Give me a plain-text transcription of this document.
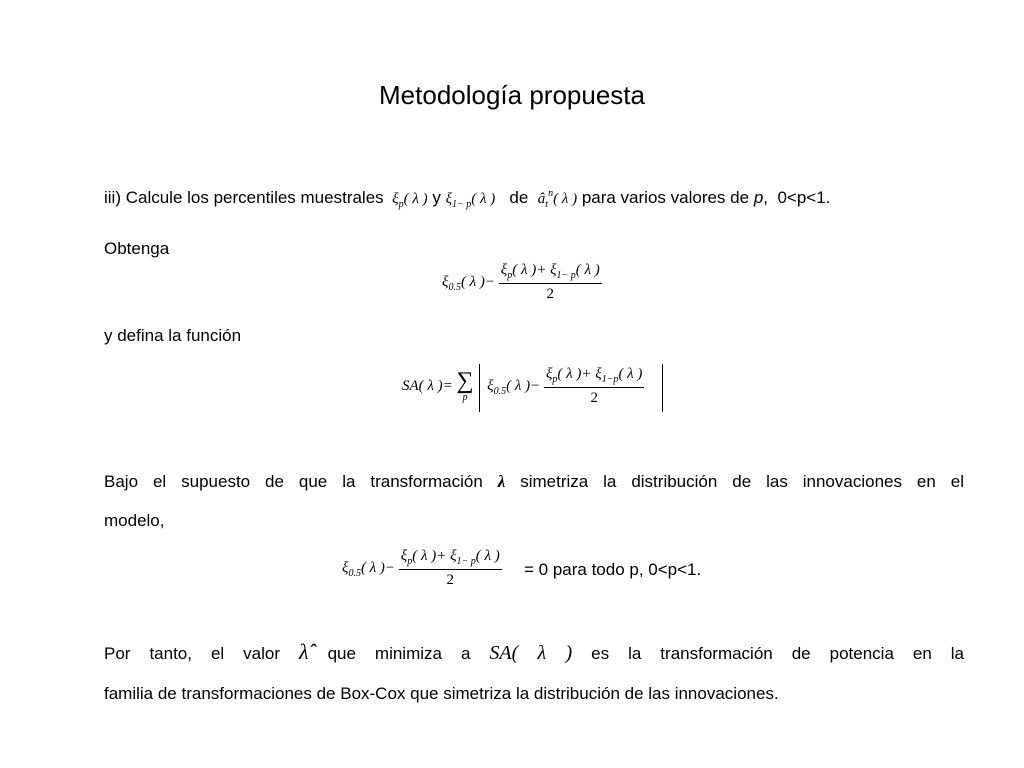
Metodología propuesta
iii) Calcule los percentiles muestrales  $\xi_p$( λ ) y $\xi_{1- p}$( λ ) de $â_t^n$( λ ) para varios valores de p,  0<p<1.
Obtenga
$\xi_{0.5}$( λ )− $\frac{\xi_p( \lambda )+ \xi_{1- p}( \lambda )}{2}$
y defina la función
SA( λ )= ∑
p
$\xi_{0.5}$( λ )− $\frac{\xi_p( \lambda )+ \xi_{1-p}( \lambda )}{2}$
Bajo el supuesto de que la transformación λ simetriza la distribución de las innovaciones en el
modelo,
$\xi_{0.5}$( λ )− $\frac{\xi_p( \lambda )+ \xi_{1- p}( \lambda )}{2} = 0$ para todo p, 0<p<1.
Por tanto, el valor λ̂ que minimiza a SA( λ ) es la transformación de potencia en la
familia de transformaciones de Box-Cox que simetriza la distribución de las innovaciones.
